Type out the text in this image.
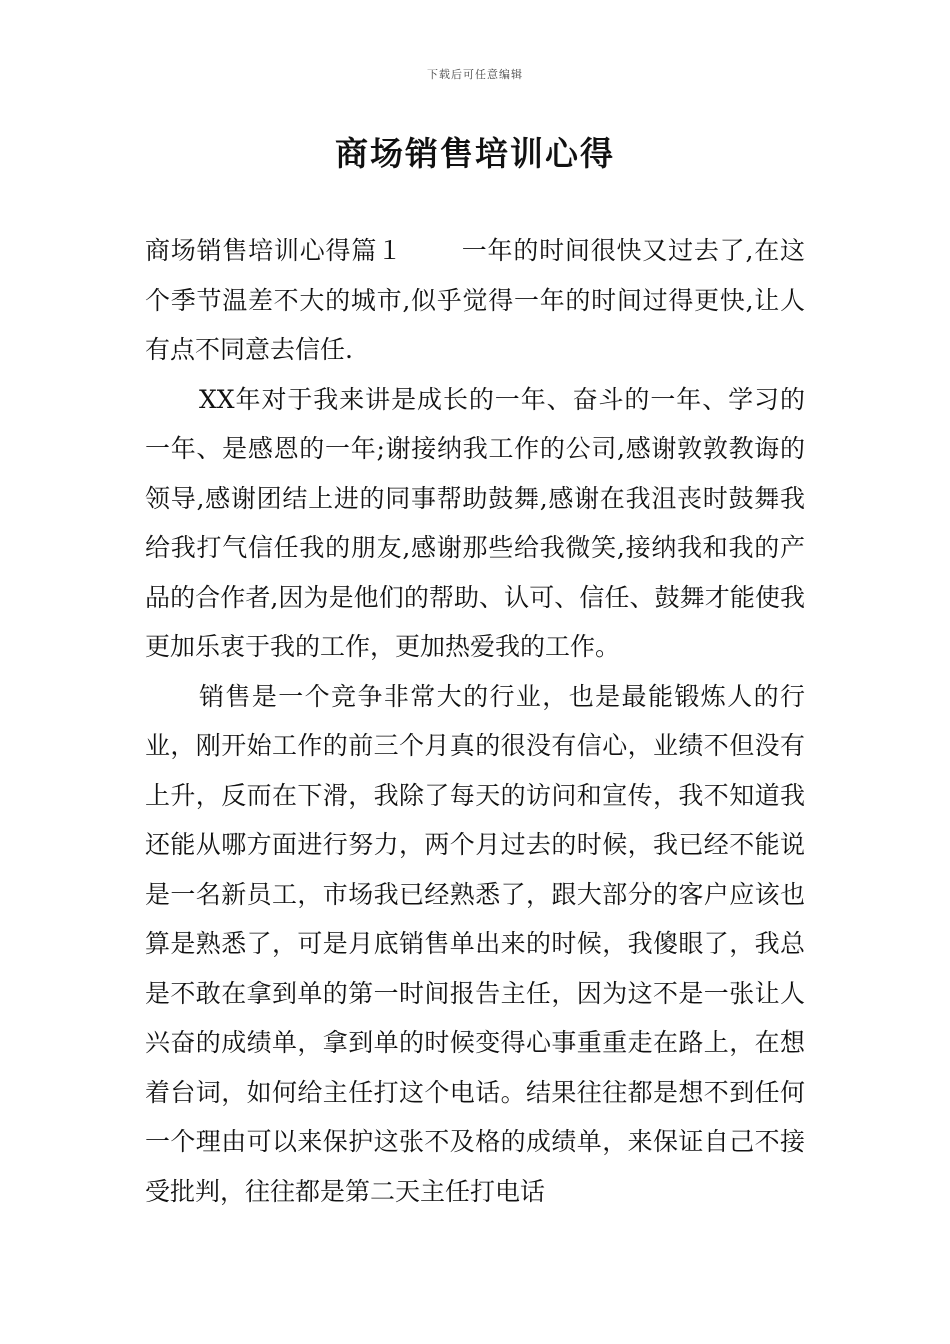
下载后可任意编辑
商场销售培训心得

商场销售培训心得篇１ 一年的时间很快又过去了,在这个季节温差不大的城市,似乎觉得一年的时间过得更快,让人有点不同意去信任.

XX年对于我来讲是成长的一年、奋斗的一年、学习的一年、是感恩的一年;谢接纳我工作的公司,感谢敦敦教诲的领导,感谢团结上进的同事帮助鼓舞,感谢在我沮丧时鼓舞我给我打气信任我的朋友,感谢那些给我微笑,接纳我和我的产品的合作者,因为是他们的帮助、认可、信任、鼓舞才能使我更加乐衷于我的工作，更加热爱我的工作。

销售是一个竞争非常大的行业，也是最能锻炼人的行业，刚开始工作的前三个月真的很没有信心，业绩不但没有上升，反而在下滑，我除了每天的访问和宣传，我不知道我还能从哪方面进行努力，两个月过去的时候，我已经不能说是一名新员工，市场我已经熟悉了，跟大部分的客户应该也算是熟悉了，可是月底销售单出来的时候，我傻眼了，我总是不敢在拿到单的第一时间报告主任，因为这不是一张让人兴奋的成绩单，拿到单的时候变得心事重重走在路上，在想着台词，如何给主任打这个电话。结果往往都是想不到任何一个理由可以来保护这张不及格的成绩单，来保证自己不接受批判，往往都是第二天主任打电话
